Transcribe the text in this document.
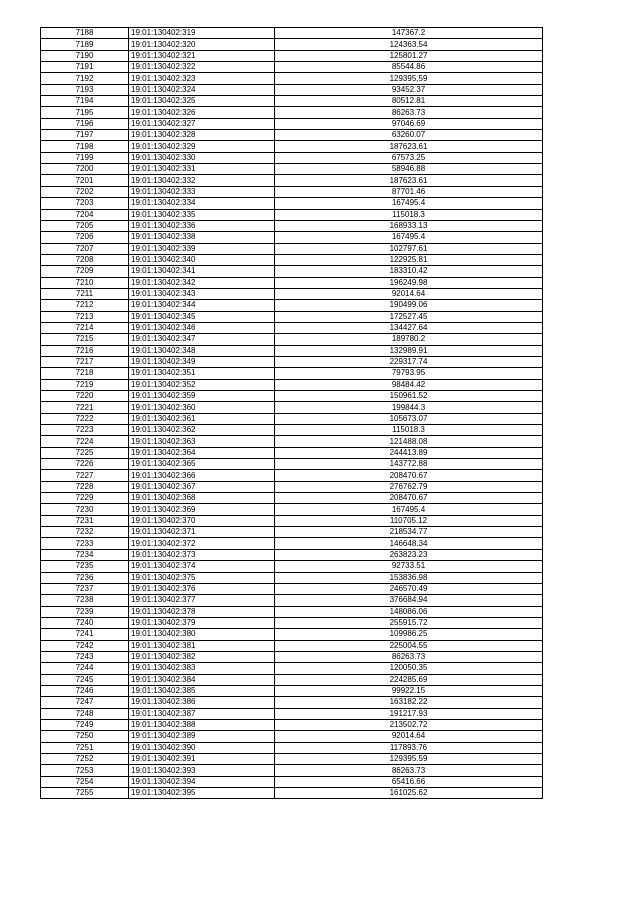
7188	19:01:130402:319	147367.2
7189	19:01:130402:320	124363.54
7190	19:01:130402:321	125801.27
7191	19:01:130402:322	85544.86
7192	19:01:130402:323	129395.59
7193	19:01:130402:324	93452.37
7194	19:01:130402:325	80512.81
7195	19:01:130402:326	86263.73
7196	19:01:130402:327	97046.69
7197	19:01:130402:328	63260.07
7198	19:01:130402:329	187623.61
7199	19:01:130402:330	67573.25
7200	19:01:130402:331	58946.88
7201	19:01:130402:332	187623.61
7202	19:01:130402:333	87701.46
7203	19:01:130402:334	167495.4
7204	19:01:130402:335	115018.3
7205	19:01:130402:336	168933.13
7206	19:01:130402:338	167495.4
7207	19:01:130402:339	102797.61
7208	19:01:130402:340	122925.81
7209	19:01:130402:341	183310.42
7210	19:01:130402:342	196249.98
7211	19:01:130402:343	92014.64
7212	19:01:130402:344	190499.06
7213	19:01:130402:345	172527.45
7214	19:01:130402:346	134427.64
7215	19:01:130402:347	189780.2
7216	19:01:130402:348	132989.91
7217	19:01:130402:349	229317.74
7218	19:01:130402:351	79793.95
7219	19:01:130402:352	98484.42
7220	19:01:130402:359	150961.52
7221	19:01:130402:360	199844.3
7222	19:01:130402:361	105673.07
7223	19:01:130402:362	115018.3
7224	19:01:130402:363	121488.08
7225	19:01:130402:364	244413.89
7226	19:01:130402:365	143772.88
7227	19:01:130402:366	208470.67
7228	19:01:130402:367	276762.79
7229	19:01:130402:368	208470.67
7230	19:01:130402:369	167495.4
7231	19:01:130402:370	110705.12
7232	19:01:130402:371	218534.77
7233	19:01:130402:372	146648.34
7234	19:01:130402:373	263823.23
7235	19:01:130402:374	92733.51
7236	19:01:130402:375	153836.98
7237	19:01:130402:376	246570.49
7238	19:01:130402:377	376684.94
7239	19:01:130402:378	148086.06
7240	19:01:130402:379	255915.72
7241	19:01:130402:380	109986.25
7242	19:01:130402:381	225004.55
7243	19:01:130402:382	86263.73
7244	19:01:130402:383	120050.35
7245	19:01:130402:384	224285.69
7246	19:01:130402:385	99922.15
7247	19:01:130402:386	163182.22
7248	19:01:130402:387	191217.93
7249	19:01:130402:388	213502.72
7250	19:01:130402:389	92014.64
7251	19:01:130402:390	117893.76
7252	19:01:130402:391	129395.59
7253	19:01:130402:393	86263.73
7254	19:01:130402:394	65416.66
7255	19:01:130402:395	161025.62
